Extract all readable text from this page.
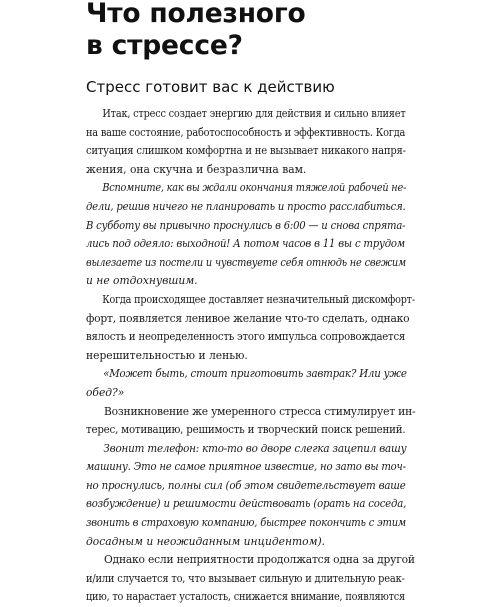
Что полезного
в стрессе?
Стресс готовит вас к действию
Итак, стресс создает энергию для действия и сильно влияет
на ваше состояние, работоспособность и эффективность. Когда
ситуация слишком комфортна и не вызывает никакого напря-
жения, она скучна и безразлична вам.
Вспомните, как вы ждали окончания тяжелой рабочей не-
дели, решив ничего не планировать и просто расслабиться.
В субботу вы привычно проснулись в 6:00 — и снова спрята-
лись под одеяло: выходной! А потом часов в 11 вы с трудом
вылезаете из постели и чувствуете себя отнюдь не свежим
и не отдохнувшим.
Когда происходящее доставляет незначительный дискомфорт-
форт, появляется ленивое желание что-то сделать, однако
вялость и неопределенность этого импульса сопровождается
нерешительностью и ленью.
«Может быть, стоит приготовить завтрак? Или уже
обед?»
Возникновение же умеренного стресса стимулирует ин-
терес, мотивацию, решимость и творческий поиск решений.
Звонит телефон: кто-то во дворе слегка зацепил вашу
машину. Это не самое приятное известие, но зато вы точ-
но проснулись, полны сил (об этом свидетельствует ваше
возбуждение) и решимости действовать (орать на соседа,
звонить в страховую компанию, быстрее покончить с этим
досадным и неожиданным инцидентом).
Однако если неприятности продолжатся одна за другой
и/или случается то, что вызывает сильную и длительную реак-
цию, то нарастает усталость, снижается внимание, появляются
